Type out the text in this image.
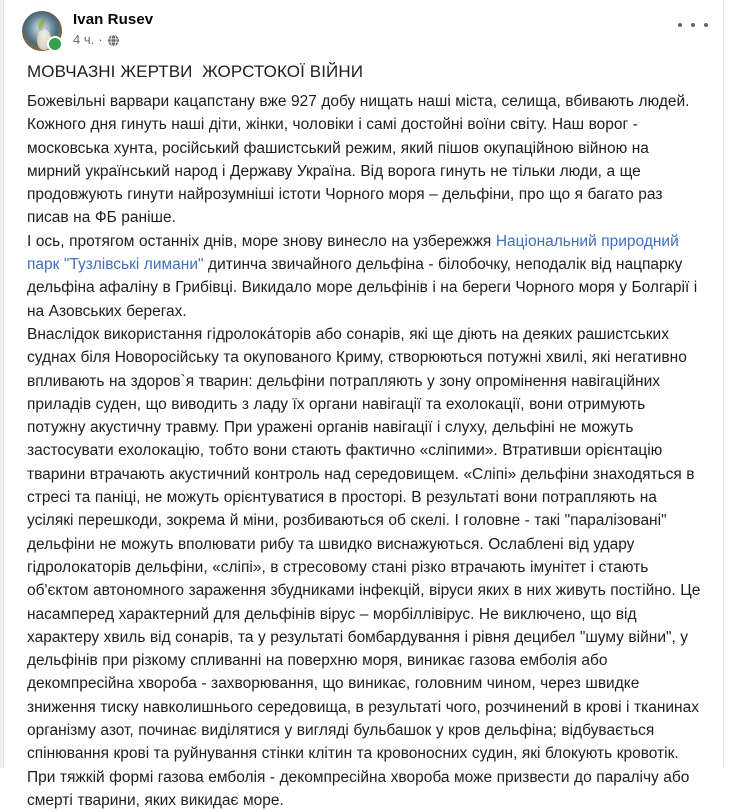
Ivan Rusev
4 ч. ·
МОВЧАЗНІ ЖЕРТВИ  ЖОРСТОКОЇ ВІЙНИ

Божевільні варвари кацапстану вже 927 добу нищать наші міста, селища, вбивають людей. Кожного дня гинуть наші діти, жінки, чоловіки і самі достойні воїни світу. Наш ворог - московська хунта, російський фашистський режим, який пішов окупаційною війною на мирний український народ і Державу Україна. Від ворога гинуть не тільки люди, а ще продовжують гинути найрозумніші істоти Чорного моря – дельфіни, про що я багато раз писав на ФБ раніше.

І ось, протягом останніх днів, море знову винесло на узбережжя Національний природний парк "Тузлівські лимани" дитинча звичайного дельфіна - білобочку, неподалік від нацпарку дельфіна афаліну в Грибівці. Викидало море дельфінів і на береги Чорного моря у Болгарії і на Азовських берегах.

Внаслідок використання гідролока́торів або сонарів, які ще діють на деяких рашистських суднах біля Новоросійську та окупованого Криму, створюються потужні хвилі, які негативно впливають на здоров`я тварин: дельфіни потрапляють у зону опромінення навігаційних приладів суден, що виводить з ладу їх органи навігації та ехолокації, вони отримують потужну акустичну травму. При уражені органів навігації і слуху, дельфіні не можуть застосувати ехолокацію, тобто вони стають фактично «сліпими». Втративши орієнтацію тварини втрачають акустичний контроль над середовищем. «Сліпі» дельфіни знаходяться в стресі та паніці, не можуть орієнтуватися в просторі. В результаті вони потрапляють на усілякі перешкоди, зокрема й міни, розбиваються об скелі. І головне - такі "паралізовані" дельфіни не можуть вполювати рибу та швидко виснажуються. Ослаблені від удару гідролокаторів дельфіни, «сліпі», в стресовому стані різко втрачають імунітет і стають об'єктом автономного зараження збудниками інфекцій, віруси яких в них живуть постійно. Це насамперед характерний для дельфінів вірус – морбіллівірус. Не виключено, що від характеру хвиль від сонарів, та у результаті бомбардування і рівня децибел "шуму війни", у дельфінів при різкому спливанні на поверхню моря, виникає газова емболія або декомпресійна хвороба - захворювання, що виникає, головним чином, через швидке зниження тиску навколишнього середовища, в результаті чого, розчинений в крові і тканинах організму азот, починає виділятися у вигляді бульбашок у кров дельфіна; відбувається спінювання крові та руйнування стінки клітин та кровоносних судин, які блокують кровотік. При тяжкій формі газова емболія - декомпресійна хвороба може призвести до паралічу або смерті тварини, яких викидає море.
